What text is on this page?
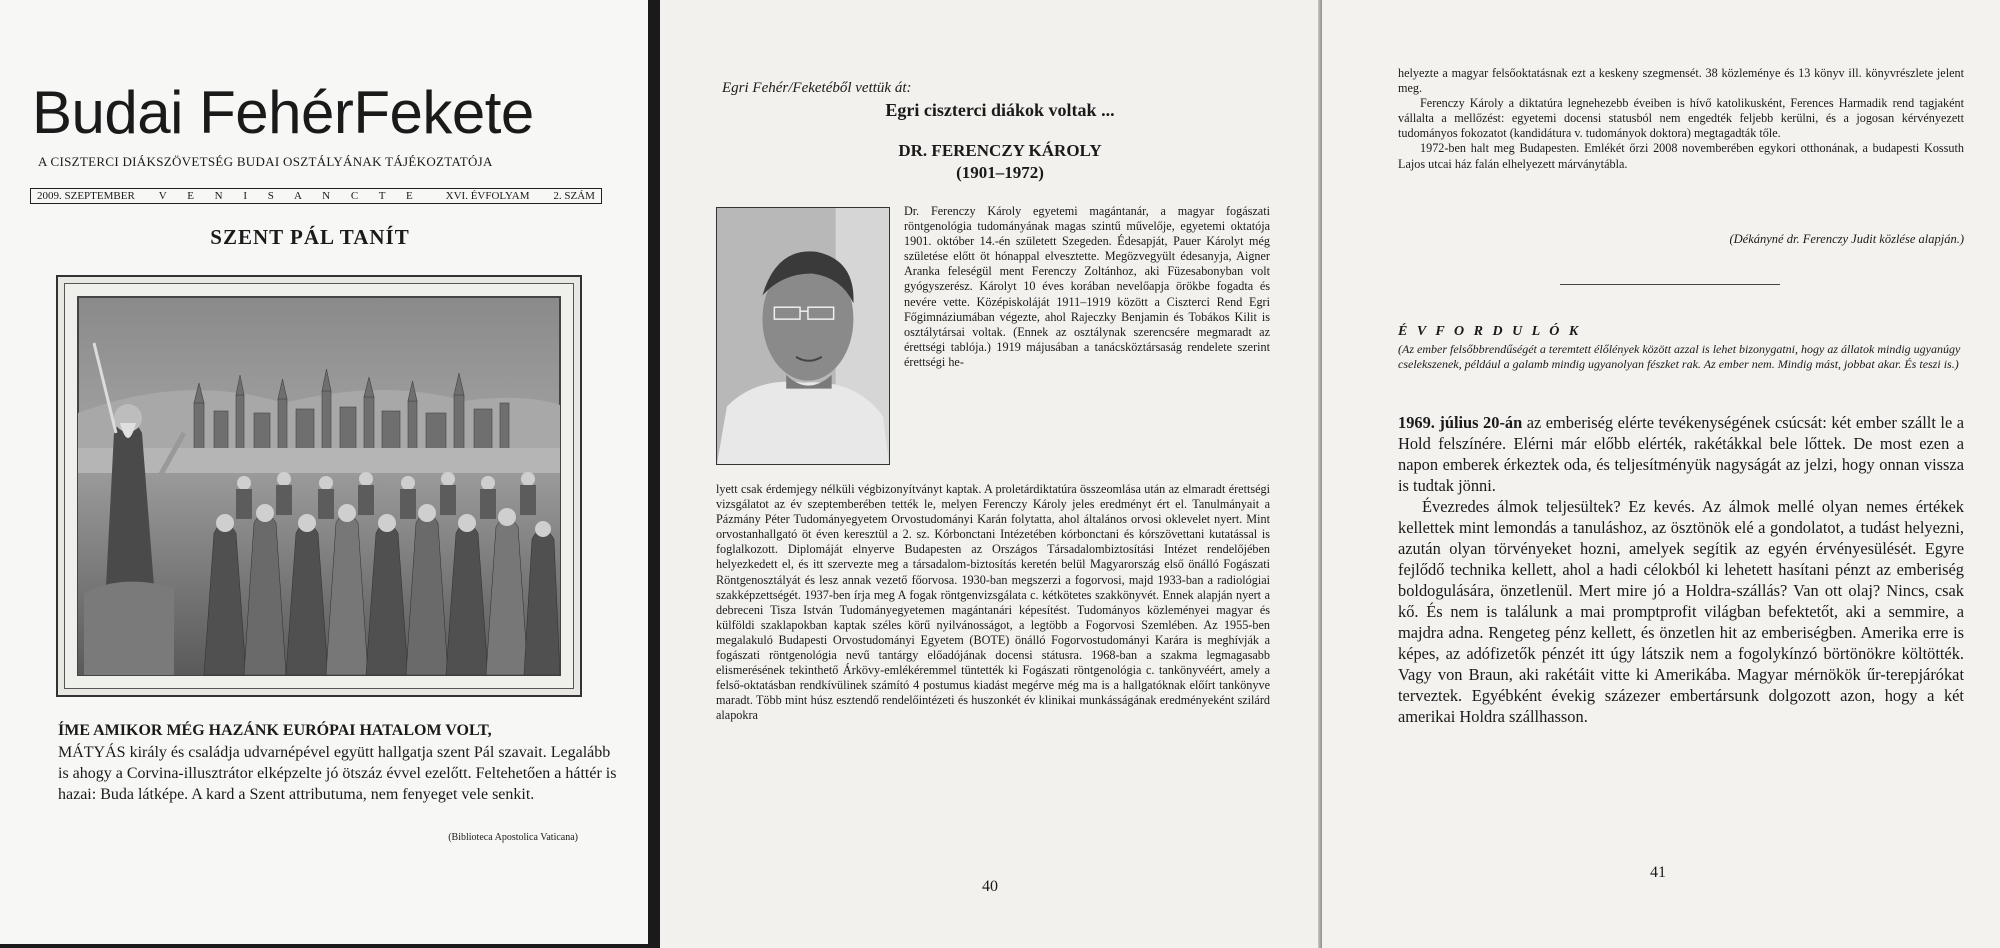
Budai FehérFekete
A CISZTERCI DIÁKSZÖVETSÉG BUDAI OSZTÁLYÁNAK TÁJÉKOZTATÓJA
2009. SZEPTEMBER V E N I S A N C T E XVI. ÉVFOLYAM 2. SZÁM
SZENT PÁL TANÍT
ÍME AMIKOR MÉG HAZÁNK EURÓPAI HATALOM VOLT,
MÁTYÁS király és családja udvarnépével együtt hallgatja szent Pál szavait. Legalább is ahogy a Corvina-illusztrátor elképzelte jó ötszáz évvel ezelőtt. Feltehetően a háttér is hazai: Buda látképe. A kard a Szent attributuma, nem fenyeget vele senkit.
(Biblioteca Apostolica Vaticana)
Egri Fehér/Feketéből vettük át:
Egri ciszterci diákok voltak ...
DR. FERENCZY KÁROLY
(1901–1972)
Dr. Ferenczy Károly egyetemi magántanár, a magyar fogászati röntgenológia tudományának magas szintű művelője, egyetemi oktatója 1901. október 14.-én született Szegeden. Édesapját, Pauer Károlyt még születése előtt öt hónappal elvesztette. Megözvegyült édesanyja, Aigner Aranka feleségül ment Ferenczy Zoltánhoz, aki Füzesabonyban volt gyógyszerész. Károlyt 10 éves korában nevelőapja örökbe fogadta és nevére vette. Középiskoláját 1911–1919 között a Ciszterci Rend Egri Főgimnáziumában végezte, ahol Rajeczky Benjamin és Tobákos Kilit is osztálytársai voltak. (Ennek az osztálynak szerencsére megmaradt az érettségi tablója.) 1919 májusában a tanácsköztársaság rendelete szerint érettségi he-
lyett csak érdemjegy nélküli végbizonyítványt kaptak. A proletárdiktatúra összeomlása után az elmaradt érettségi vizsgálatot az év szeptemberében tették le, melyen Ferenczy Károly jeles eredményt ért el. Tanulmányait a Pázmány Péter Tudományegyetem Orvostudományi Karán folytatta, ahol általános orvosi oklevelet nyert. Mint orvostanhallgató öt éven keresztül a 2. sz. Kórbonctani Intézetében kórbonctani és kórszövettani kutatással is foglalkozott. Diplomáját elnyerve Budapesten az Országos Társadalombiztosítási Intézet rendelőjében helyezkedett el, és itt szervezte meg a társadalom-biztosítás keretén belül Magyarország első önálló Fogászati Röntgenosztályát és lesz annak vezető főorvosa. 1930-ban megszerzi a fogorvosi, majd 1933-ban a radiológiai szakképzettségét. 1937-ben írja meg A fogak röntgenvizsgálata c. kétkötetes szakkönyvét. Ennek alapján nyert a debreceni Tisza István Tudományegyetemen magántanári képesítést. Tudományos közleményei magyar és külföldi szaklapokban kaptak széles körű nyilvánosságot, a legtöbb a Fogorvosi Szemlében. Az 1955-ben megalakuló Budapesti Orvostudományi Egyetem (BOTE) önálló Fogorvostudományi Karára is meghívják a fogászati röntgenológia nevű tantárgy előadójának docensi státusra. 1968-ban a szakma legmagasabb elismerésének tekinthető Árkövy-emlékéremmel tüntették ki Fogászati röntgenológia c. tankönyvéért, amely a felső-oktatásban rendkívülinek számító 4 postumus kiadást megérve még ma is a hallgatóknak előírt tankönyve maradt. Több mint húsz esztendő rendelőintézeti és huszonkét év klinikai munkásságának eredményeként szilárd alapokra
40

helyezte a magyar felsőoktatásnak ezt a keskeny szegmensét. 38 közleménye és 13 könyv ill. könyvrészlete jelent meg.

Ferenczy Károly a diktatúra legnehezebb éveiben is hívő katolikusként, Ferences Harmadik rend tagjaként vállalta a mellőzést: egyetemi docensi statusból nem engedték feljebb kerülni, és a jogosan kérvényezett tudományos fokozatot (kandidátura v. tudományok doktora) megtagadták tőle.

1972-ben halt meg Budapesten. Emlékét őrzi 2008 novemberében egykori otthonának, a budapesti Kossuth Lajos utcai ház falán elhelyezett márványtábla.

(Dékányné dr. Ferenczy Judit közlése alapján.)
É V F O R D U L Ó K
(Az ember felsőbbrendűségét a teremtett élőlények között azzal is lehet bizonygatni, hogy az állatok mindig ugyanúgy cselekszenek, például a galamb mindig ugyanolyan fészket rak. Az ember nem. Mindig mást, jobbat akar. És teszi is.)

1969. július 20-án az emberiség elérte tevékenységének csúcsát: két ember szállt le a Hold felszínére. Elérni már előbb elérték, rakétákkal bele lőttek. De most ezen a napon emberek érkeztek oda, és teljesítményük nagyságát az jelzi, hogy onnan vissza is tudtak jönni.

Évezredes álmok teljesültek? Ez kevés. Az álmok mellé olyan nemes értékek kellettek mint lemondás a tanuláshoz, az ösztönök elé a gondolatot, a tudást helyezni, azután olyan törvényeket hozni, amelyek segítik az egyén érvényesülését. Egyre fejlődő technika kellett, ahol a hadi célokból ki lehetett hasítani pénzt az emberiség boldogulására, önzetlenül. Mert mire jó a Holdra-szállás? Van ott olaj? Nincs, csak kő. És nem is találunk a mai promptprofit világban befektetőt, aki a semmire, a majdra adna. Rengeteg pénz kellett, és önzetlen hit az emberiségben. Amerika erre is képes, az adófizetők pénzét itt úgy látszik nem a fogolykínzó börtönökre költötték. Vagy von Braun, aki rakétáit vitte ki Amerikába. Magyar mérnökök űr-terepjárókat terveztek. Egyébként évekig százezer embertársunk dolgozott azon, hogy a két amerikai Holdra szállhasson.

41
